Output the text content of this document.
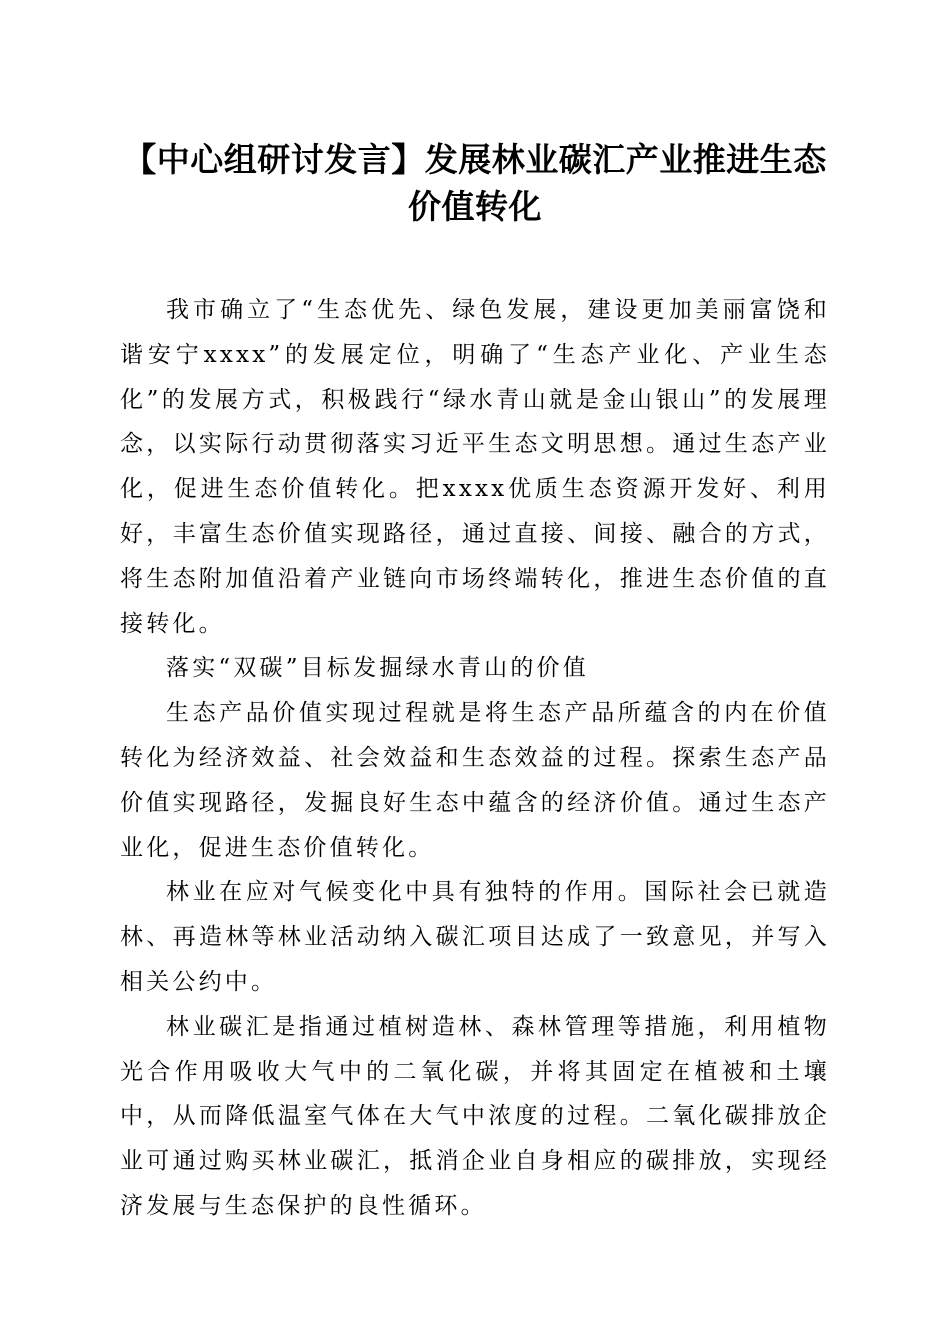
【中心组研讨发言】发展林业碳汇产业推进生态价值转化

我市确立了“生态优先、绿色发展，建设更加美丽富饶和谐安宁xxxx”的发展定位，明确了“生态产业化、产业生态化”的发展方式，积极践行“绿水青山就是金山银山”的发展理念，以实际行动贯彻落实习近平生态文明思想。通过生态产业化，促进生态价值转化。把xxxx优质生态资源开发好、利用好，丰富生态价值实现路径，通过直接、间接、融合的方式，将生态附加值沿着产业链向市场终端转化，推进生态价值的直接转化。

落实“双碳”目标发掘绿水青山的价值

生态产品价值实现过程就是将生态产品所蕴含的内在价值转化为经济效益、社会效益和生态效益的过程。探索生态产品价值实现路径，发掘良好生态中蕴含的经济价值。通过生态产业化，促进生态价值转化。

林业在应对气候变化中具有独特的作用。国际社会已就造林、再造林等林业活动纳入碳汇项目达成了一致意见，并写入相关公约中。

林业碳汇是指通过植树造林、森林管理等措施，利用植物光合作用吸收大气中的二氧化碳，并将其固定在植被和土壤中，从而降低温室气体在大气中浓度的过程。二氧化碳排放企业可通过购买林业碳汇，抵消企业自身相应的碳排放，实现经济发展与生态保护的良性循环。
